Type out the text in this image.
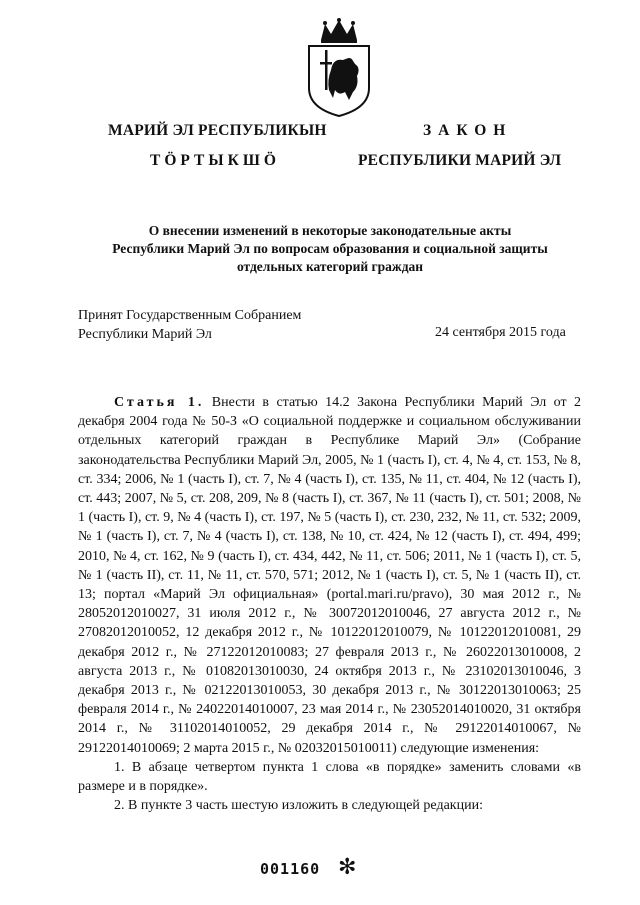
МАРИЙ ЭЛ РЕСПУБЛИКЫН
ТӦРТЫКШӦ
ЗАКОН
РЕСПУБЛИКИ МАРИЙ ЭЛ
О внесении изменений в некоторые законодательные акты
Республики Марий Эл по вопросам образования и социальной защиты
отдельных категорий граждан
Принят Государственным Собранием
Республики Марий Эл	24 сентября 2015 года

Статья 1. Внести в статью 14.2 Закона Республики Марий Эл от 2 декабря 2004 года № 50-З «О социальной поддержке и социальном обслуживании отдельных категорий граждан в Республике Марий Эл» (Собрание законодательства Республики Марий Эл, 2005, № 1 (часть I), ст. 4, № 4, ст. 153, № 8, ст. 334; 2006, № 1 (часть I), ст. 7, № 4 (часть I), ст. 135, № 11, ст. 404, № 12 (часть I), ст. 443; 2007, № 5, ст. 208, 209, № 8 (часть I), ст. 367, № 11 (часть I), ст. 501; 2008, № 1 (часть I), ст. 9, № 4 (часть I), ст. 197, № 5 (часть I), ст. 230, 232, № 11, ст. 532; 2009, № 1 (часть I), ст. 7, № 4 (часть I), ст. 138, № 10, ст. 424, № 12 (часть I), ст. 494, 499; 2010, № 4, ст. 162, № 9 (часть I), ст. 434, 442, № 11, ст. 506; 2011, № 1 (часть I), ст. 5, № 1 (часть II), ст. 11, № 11, ст. 570, 571; 2012, № 1 (часть I), ст. 5, № 1 (часть II), ст. 13; портал «Марий Эл официальная» (portal.mari.ru/pravo), 30 мая 2012 г., № 28052012010027, 31 июля 2012 г., № 30072012010046, 27 августа 2012 г., № 27082012010052, 12 декабря 2012 г., № 10122012010079, № 10122012010081, 29 декабря 2012 г., № 27122012010083; 27 февраля 2013 г., № 26022013010008, 2 августа 2013 г., № 01082013010030, 24 октября 2013 г., № 23102013010046, 3 декабря 2013 г., № 02122013010053, 30 декабря 2013 г., № 30122013010063; 25 февраля 2014 г., № 24022014010007, 23 мая 2014 г., № 23052014010020, 31 октября 2014 г., № 31102014010052, 29 декабря 2014 г., № 29122014010067, № 29122014010069; 2 марта 2015 г., № 02032015010011) следующие изменения:

1. В абзаце четвертом пункта 1 слова «в порядке» заменить словами «в размере и в порядке».

2. В пункте 3 часть шестую изложить в следующей редакции:

001160 ✻
